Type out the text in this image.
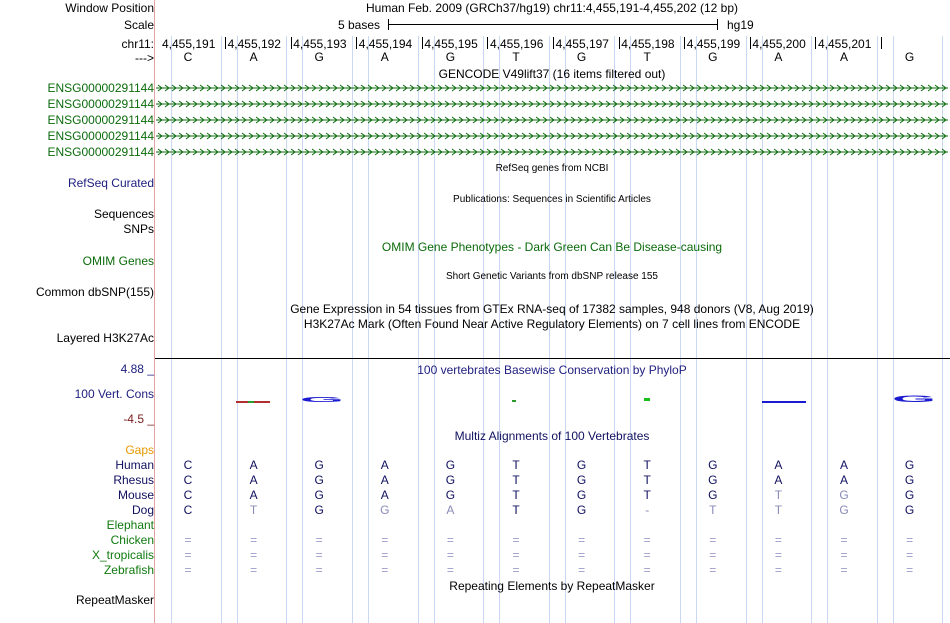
Window Position	Human Feb. 2009 (GRCh37/hg19) chr11:4,455,191-4,455,202 (12 bp)
Scale	5 bases	hg19
chr11: 4,455,191 4,455,192 4,455,193 4,455,194 4,455,195 4,455,196 4,455,197 4,455,198 4,455,199 4,455,200 4,455,201
--->	C	A	G	A	G	T	G	T	G	A	A	G
GENCODE V49lift37 (16 items filtered out)
ENSG00000291144
ENSG00000291144
ENSG00000291144
ENSG00000291144
ENSG00000291144
RefSeq genes from NCBI
RefSeq Curated
Publications: Sequences in Scientific Articles
Sequences
SNPs
OMIM Gene Phenotypes - Dark Green Can Be Disease-causing
OMIM Genes
Short Genetic Variants from dbSNP release 155
Common dbSNP(155)
Gene Expression in 54 tissues from GTEx RNA-seq of 17382 samples, 948 donors (V8, Aug 2019)
H3K27Ac Mark (Often Found Near Active Regulatory Elements) on 7 cell lines from ENCODE
Layered H3K27Ac
4.88 _	100 vertebrates Basewise Conservation by PhyloP
100 Vert. Cons
-4.5 _
G	G
Multiz Alignments of 100 Vertebrates
Gaps
Human	C	A	G	A	G	T	G	T	G	A	A	G
Rhesus	C	A	G	A	G	T	G	T	G	A	A	G
Mouse	C	A	G	A	G	T	G	T	G	T	G	G
Dog	C	T	G	G	A	T	G	-	T	T	G	G
Elephant
Chicken	=	=	=	=	=	=	=	=	=	=	=	=
X_tropicalis	=	=	=	=	=	=	=	=	=	=	=	=
Zebrafish	=	=	=	=	=	=	=	=	=	=	=	=
Repeating Elements by RepeatMasker
RepeatMasker
